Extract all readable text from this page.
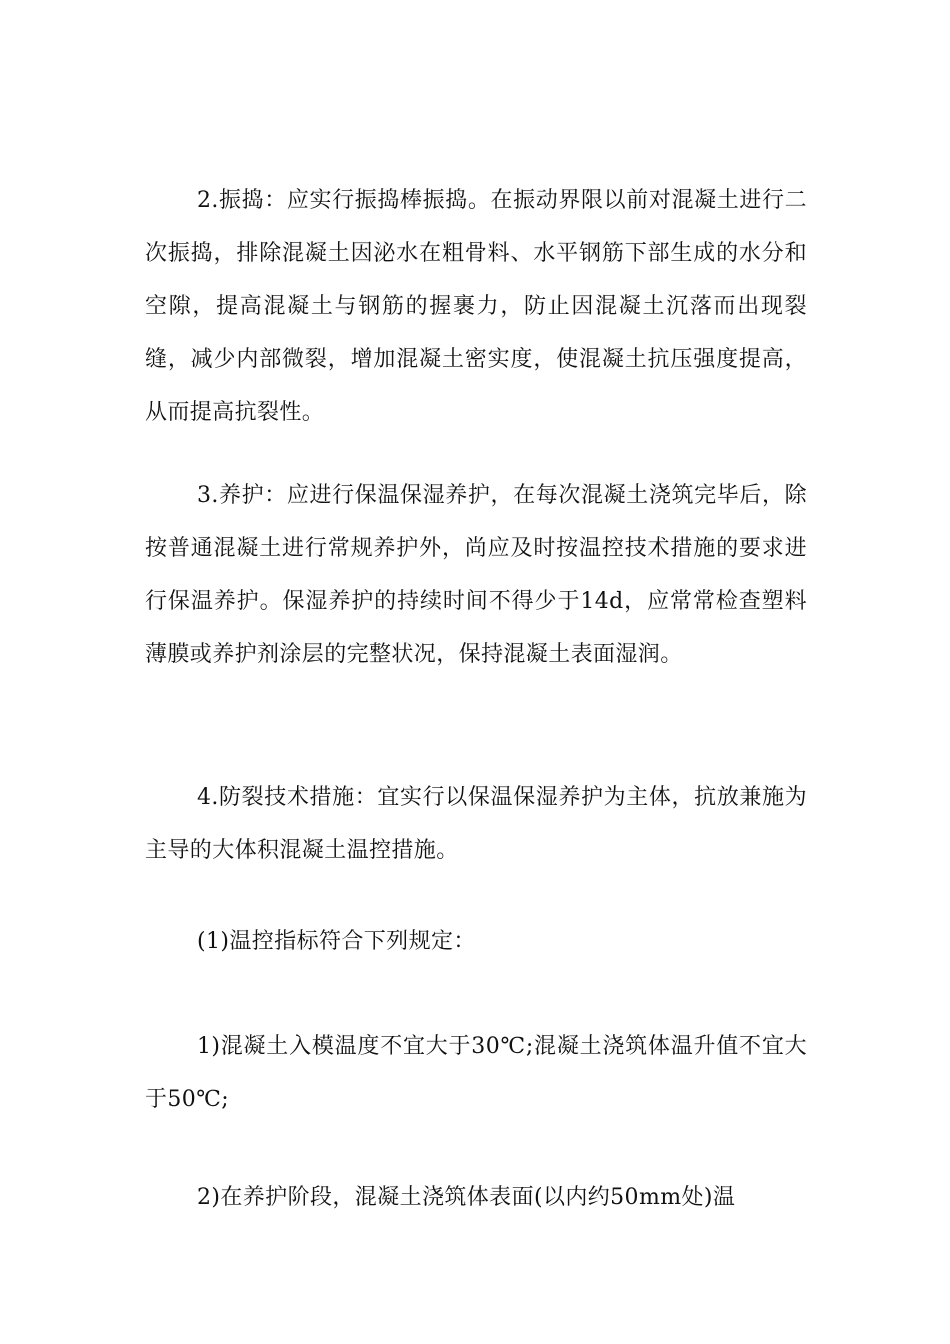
2.振捣：应实行振捣棒振捣。在振动界限以前对混凝土进行二次振捣，排除混凝土因泌水在粗骨料、水平钢筋下部生成的水分和空隙，提高混凝土与钢筋的握裹力，防止因混凝土沉落而出现裂缝，减少内部微裂，增加混凝土密实度，使混凝土抗压强度提高，从而提高抗裂性。

3.养护：应进行保温保湿养护，在每次混凝土浇筑完毕后，除按普通混凝土进行常规养护外，尚应及时按温控技术措施的要求进行保温养护。保湿养护的持续时间不得少于14d，应常常检查塑料薄膜或养护剂涂层的完整状况，保持混凝土表面湿润。

4.防裂技术措施：宜实行以保温保湿养护为主体，抗放兼施为主导的大体积混凝土温控措施。

(1)温控指标符合下列规定：

1)混凝土入模温度不宜大于30℃;混凝土浇筑体温升值不宜大于50℃;

2)在养护阶段，混凝土浇筑体表面(以内约50mm处)温
